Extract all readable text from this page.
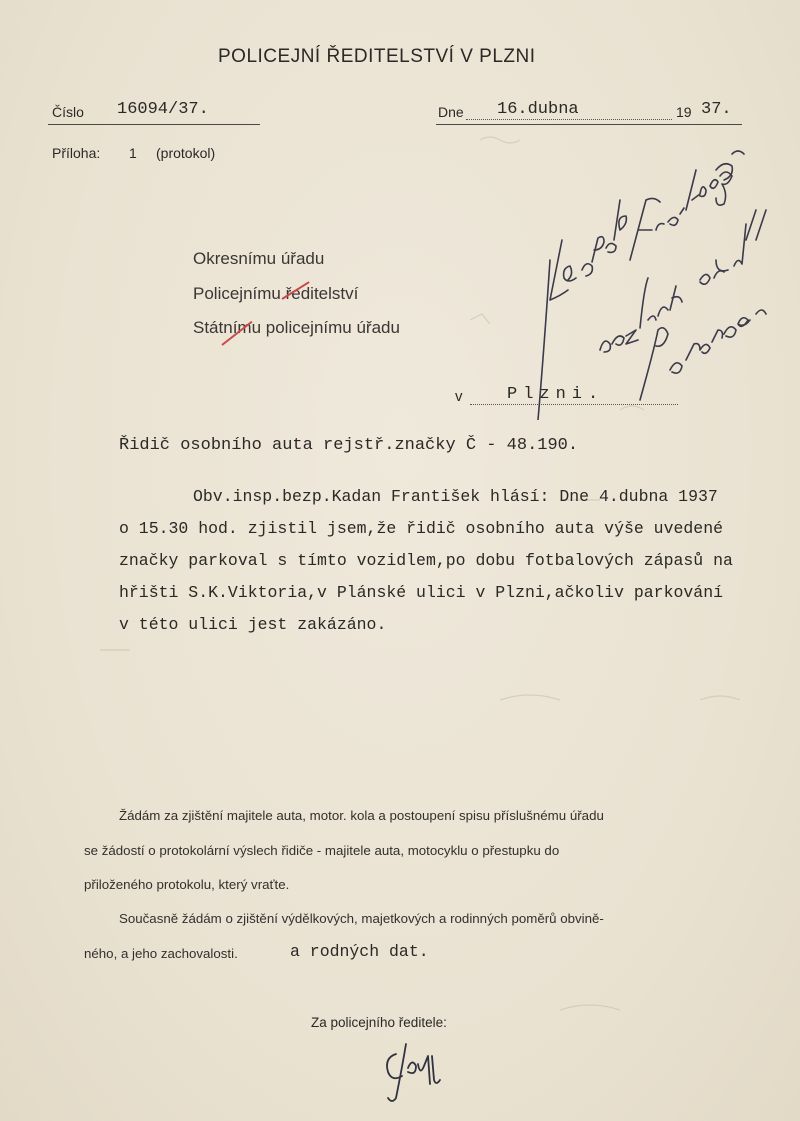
POLICEJNÍ ŘEDITELSTVÍ V PLZNI
Číslo 16094/37.	Dne 16.dubna	19 37.
Příloha: 1 (protokol)
Okresnímu úřadu
Policejnímu ředitelství
Státnímu policejnímu úřadu
v	Plzni.
Řidič osobního auta rejstř.značky Č - 48.190.
Obv.insp.bezp.Kadan František hlásí: Dne 4.dubna 1937
o 15.30 hod. zjistil jsem,že řidič osobního auta výše uvedené
značky parkoval s tímto vozidlem,po dobu fotbalových zápasů na
hřišti S.K.Viktoria,v Plánské ulici v Plzni,ačkoliv parkování
v této ulici jest zakázáno.
Žádám za zjištění majitele auta, motor. kola a postoupení spisu příslušnému úřadu
se žádostí o protokolární výslech řidiče - majitele auta, motocyklu o přestupku do
přiloženého protokolu, který vraťte.
Současně žádám o zjištění výdělkových, majetkových a rodinných poměrů obvině-
ného, a jeho zachovalosti.	a rodných dat.
Za policejního ředitele:
